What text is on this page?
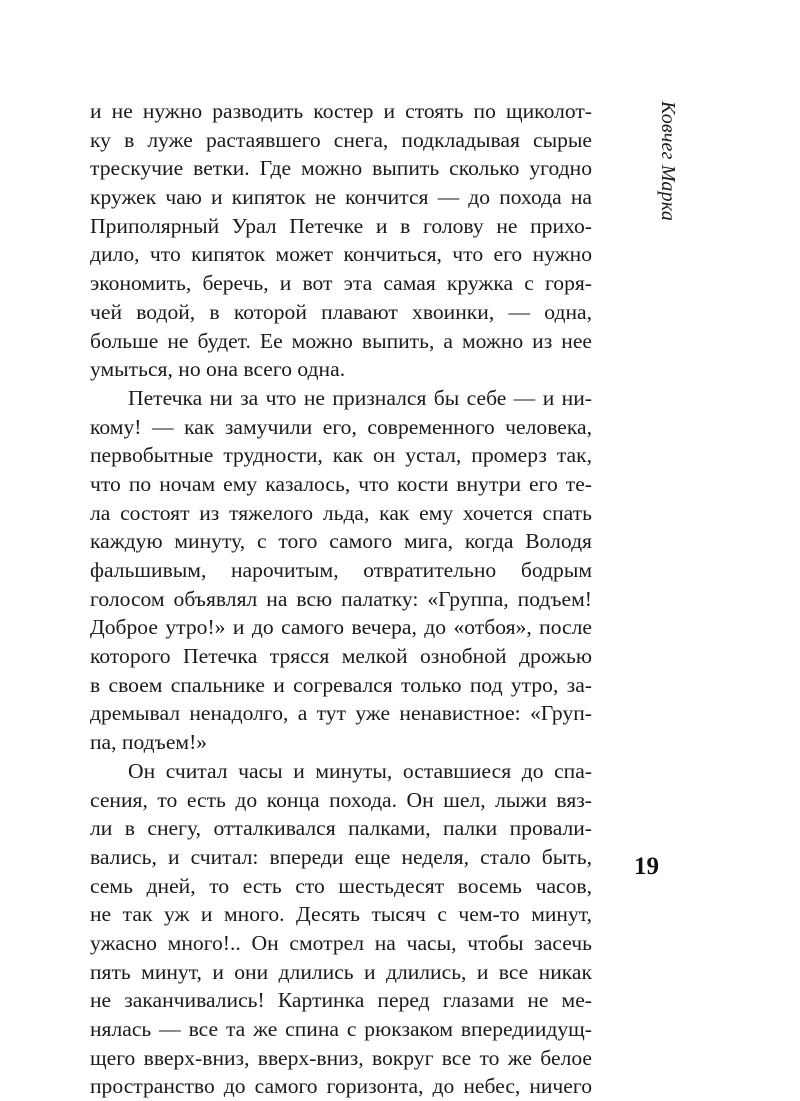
Ковчег Марка
и не нужно разводить костер и стоять по щиколот-
ку в луже растаявшего снега, подкладывая сырые
трескучие ветки. Где можно выпить сколько угодно
кружек чаю и кипяток не кончится — до похода на
Приполярный Урал Петечке и в голову не прихо-
дило, что кипяток может кончиться, что его нужно
экономить, беречь, и вот эта самая кружка с горя-
чей водой, в которой плавают хвоинки, — одна,
больше не будет. Ее можно выпить, а можно из нее
умыться, но она всего одна.
Петечка ни за что не признался бы себе — и ни-
кому! — как замучили его, современного человека,
первобытные трудности, как он устал, промерз так,
что по ночам ему казалось, что кости внутри его те-
ла состоят из тяжелого льда, как ему хочется спать
каждую минуту, с того самого мига, когда Володя
фальшивым, нарочитым, отвратительно бодрым
голосом объявлял на всю палатку: «Группа, подъем!
Доброе утро!» и до самого вечера, до «отбоя», после
которого Петечка трясся мелкой ознобной дрожью
в своем спальнике и согревался только под утро, за-
дремывал ненадолго, а тут уже ненавистное: «Груп-
па, подъем!»
Он считал часы и минуты, оставшиеся до спа-
сения, то есть до конца похода. Он шел, лыжи вяз-
ли в снегу, отталкивался палками, палки провали-
вались, и считал: впереди еще неделя, стало быть,
семь дней, то есть сто шестьдесят восемь часов,
не так уж и много. Десять тысяч с чем-то минут,
ужасно много!.. Он смотрел на часы, чтобы засечь
пять минут, и они длились и длились, и все никак
не заканчивались! Картинка перед глазами не ме-
нялась — все та же спина с рюкзаком впередиидущ-
щего вверх-вниз, вверх-вниз, вокруг все то же белое
пространство до самого горизонта, до небес, ничего
19
